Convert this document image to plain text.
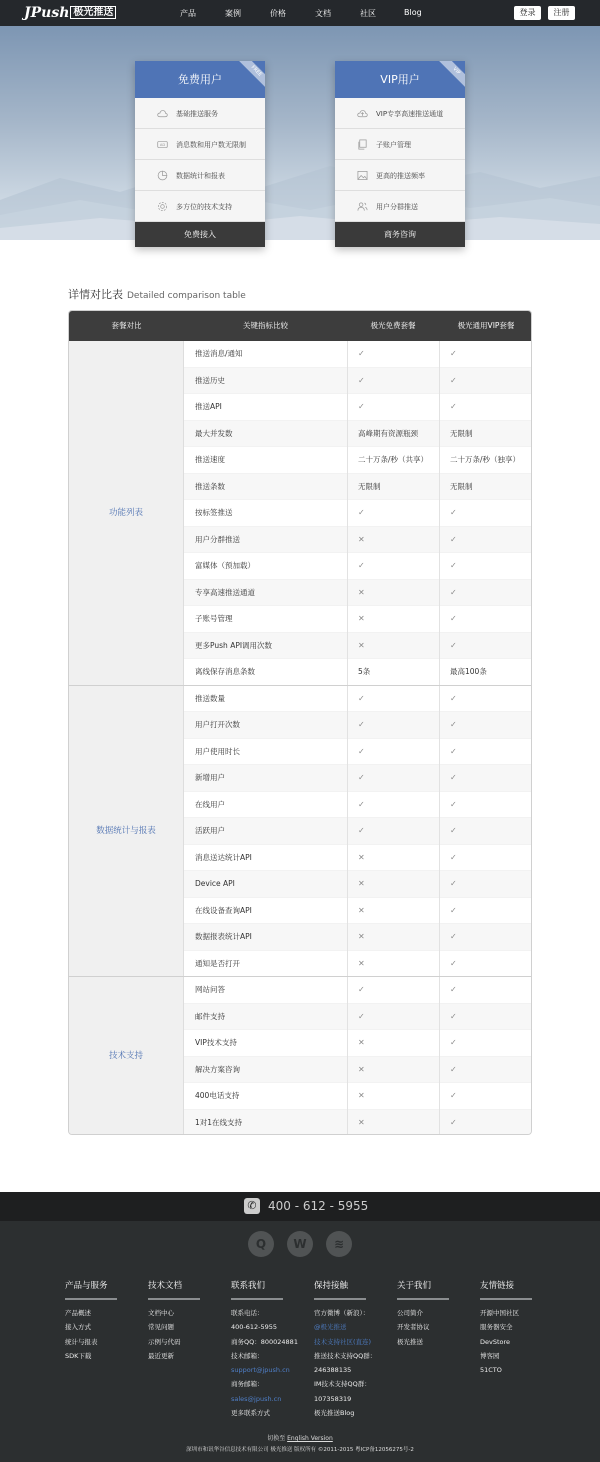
JPush 极光推送	产品	案例	价格	文档	社区	Blog	登录	注册
免费用户
FREE
基础推送服务
AD 消息数和用户数无限制
数据统计和报表
多方位的技术支持
免费接入
VIP用户
VIP
VIP专享高速推送通道
子账户管理
更高的推送频率
用户分群推送
商务咨询
详情对比表 Detailed comparison table
套餐对比	关键指标比较	极光免费套餐	极光通用VIP套餐
功能列表
推送消息/通知	✓	✓
推送历史	✓	✓
推送API	✓	✓
最大并发数	高峰期有资源瓶颈	无限制
推送速度	二十万条/秒（共享）	二十万条/秒（独享）
推送条数	无限制	无限制
按标签推送	✓	✓
用户分群推送	✕	✓
富媒体（预加载）	✓	✓
专享高速推送通道	✕	✓
子账号管理	✕	✓
更多Push API调用次数	✕	✓
离线保存消息条数	5条	最高100条
数据统计与报表
推送数量	✓	✓
用户打开次数	✓	✓
用户使用时长	✓	✓
新增用户	✓	✓
在线用户	✓	✓
活跃用户	✓	✓
消息送达统计API	✕	✓
Device API	✕	✓
在线设备查询API	✕	✓
数据报表统计API	✕	✓
通知是否打开	✕	✓
技术支持
网站问答	✓	✓
邮件支持	✓	✓
VIP技术支持	✕	✓
解决方案咨询	✕	✓
400电话支持	✕	✓
1对1在线支持	✕	✓
✆ 400 - 612 - 5955
Q	W	≋
切换至 English Version
深圳市和讯华谷信息技术有限公司 极光推送 版权所有 ©2011-2015 粤ICP备12056275号-2
产品与服务
产品概述
接入方式
统计与报表
SDK下载
技术文档
文档中心
常见问题
示例与代码
最近更新
联系我们
联系电话：
400-612-5955
商务QQ：800024881
技术邮箱：
support@jpush.cn
商务邮箱：
sales@jpush.cn
更多联系方式
保持接触
官方微博（新浪）：
@极光推送
技术支持社区(直连)
推送技术支持QQ群：
246388135
IM技术支持QQ群：
107358319
极光推送Blog
关于我们
公司简介
开发者协议
极光推送
友情链接
开源中国社区
服务器安全
DevStore
博客园
51CTO
